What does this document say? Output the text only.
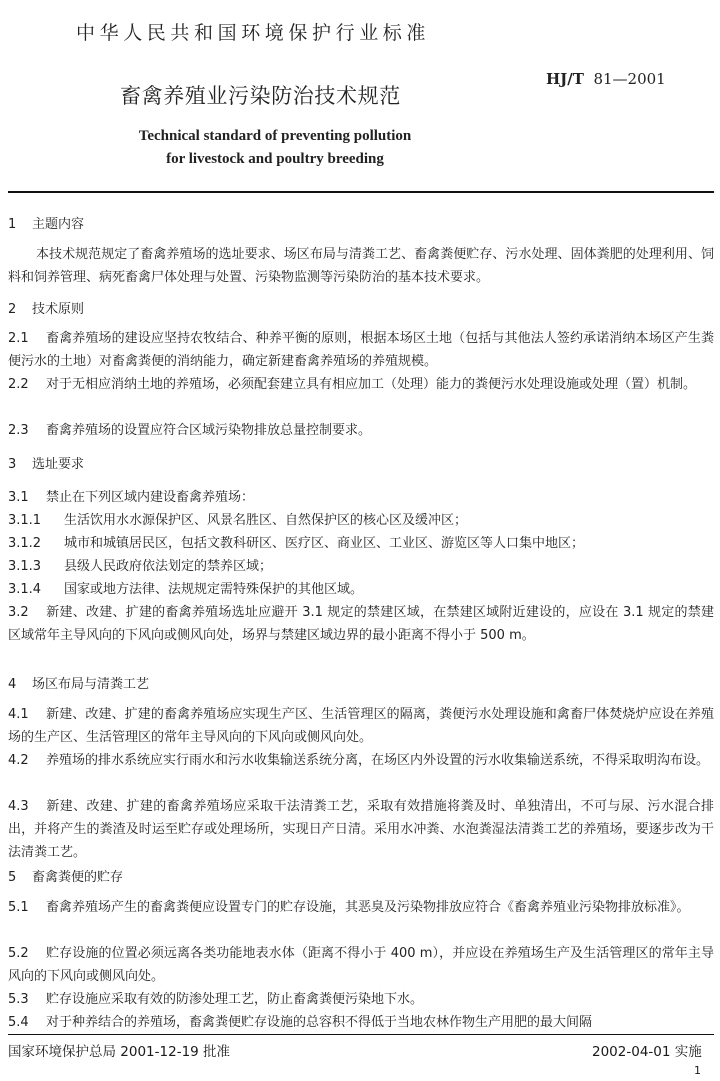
中华人民共和国环境保护行业标准
畜禽养殖业污染防治技术规范
HJ/T 81—2001
Technical standard of preventing pollution
for livestock and poultry breeding
1 主题内容
本技术规范规定了畜禽养殖场的选址要求、场区布局与清粪工艺、畜禽粪便贮存、污水处理、固体粪肥的处理利用、饲料和饲养管理、病死畜禽尸体处理与处置、污染物监测等污染防治的基本技术要求。
2 技术原则
2.1 畜禽养殖场的建设应坚持农牧结合、种养平衡的原则，根据本场区土地（包括与其他法人签约承诺消纳本场区产生粪便污水的土地）对畜禽粪便的消纳能力，确定新建畜禽养殖场的养殖规模。
2.2 对于无相应消纳土地的养殖场，必须配套建立具有相应加工（处理）能力的粪便污水处理设施或处理（置）机制。
2.3 畜禽养殖场的设置应符合区域污染物排放总量控制要求。
3 选址要求
3.1 禁止在下列区域内建设畜禽养殖场：
3.1.1 生活饮用水水源保护区、风景名胜区、自然保护区的核心区及缓冲区；
3.1.2 城市和城镇居民区，包括文教科研区、医疗区、商业区、工业区、游览区等人口集中地区；
3.1.3 县级人民政府依法划定的禁养区域；
3.1.4 国家或地方法律、法规规定需特殊保护的其他区域。
3.2 新建、改建、扩建的畜禽养殖场选址应避开 3.1 规定的禁建区域，在禁建区域附近建设的，应设在 3.1 规定的禁建区域常年主导风向的下风向或侧风向处，场界与禁建区域边界的最小距离不得小于 500 m。
4 场区布局与清粪工艺
4.1 新建、改建、扩建的畜禽养殖场应实现生产区、生活管理区的隔离，粪便污水处理设施和禽畜尸体焚烧炉应设在养殖场的生产区、生活管理区的常年主导风向的下风向或侧风向处。
4.2 养殖场的排水系统应实行雨水和污水收集输送系统分离，在场区内外设置的污水收集输送系统，不得采取明沟布设。
4.3 新建、改建、扩建的畜禽养殖场应采取干法清粪工艺，采取有效措施将粪及时、单独清出，不可与尿、污水混合排出，并将产生的粪渣及时运至贮存或处理场所，实现日产日清。采用水冲粪、水泡粪湿法清粪工艺的养殖场，要逐步改为干法清粪工艺。
5 畜禽粪便的贮存
5.1 畜禽养殖场产生的畜禽粪便应设置专门的贮存设施，其恶臭及污染物排放应符合《畜禽养殖业污染物排放标准》。
5.2 贮存设施的位置必须远离各类功能地表水体（距离不得小于 400 m），并应设在养殖场生产及生活管理区的常年主导风向的下风向或侧风向处。
5.3 贮存设施应采取有效的防渗处理工艺，防止畜禽粪便污染地下水。
5.4 对于种养结合的养殖场，畜禽粪便贮存设施的总容积不得低于当地农林作物生产用肥的最大间隔
国家环境保护总局 2001-12-19 批准	2002-04-01 实施
1
